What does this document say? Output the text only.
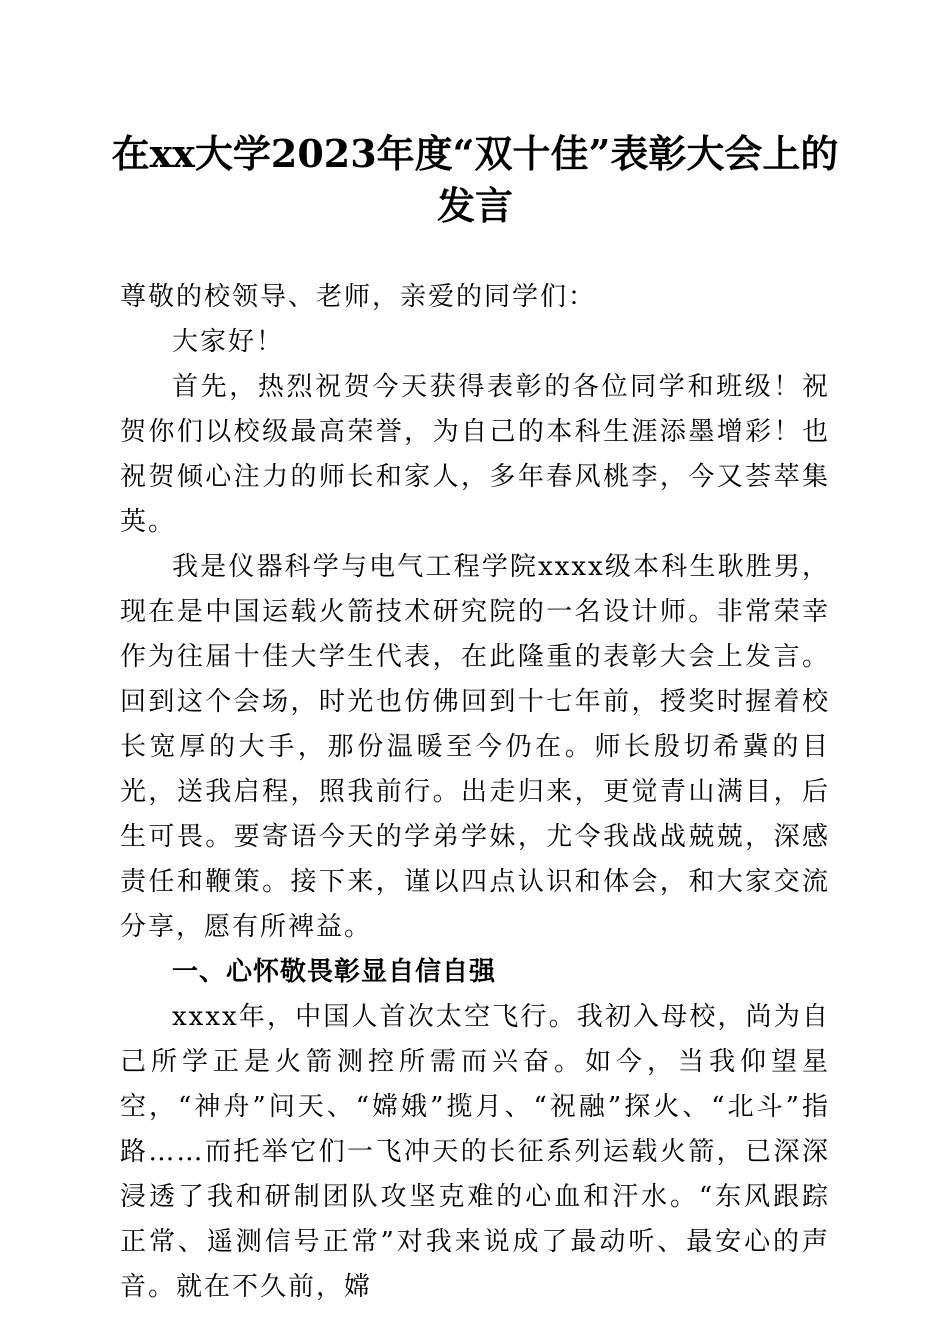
在xx大学2023年度“双十佳”表彰大会上的
发言

尊敬的校领导、老师，亲爱的同学们：

大家好！

首先，热烈祝贺今天获得表彰的各位同学和班级！祝贺你们以校级最高荣誉，为自己的本科生涯添墨增彩！也祝贺倾心注力的师长和家人，多年春风桃李，今又荟萃集英。

我是仪器科学与电气工程学院xxxx级本科生耿胜男，现在是中国运载火箭技术研究院的一名设计师。非常荣幸作为往届十佳大学生代表，在此隆重的表彰大会上发言。回到这个会场，时光也仿佛回到十七年前，授奖时握着校长宽厚的大手，那份温暖至今仍在。师长殷切希冀的目光，送我启程，照我前行。出走归来，更觉青山满目，后生可畏。要寄语今天的学弟学妹，尤令我战战兢兢，深感责任和鞭策。接下来，谨以四点认识和体会，和大家交流分享，愿有所裨益。

一、心怀敬畏彰显自信自强

xxxx年，中国人首次太空飞行。我初入母校，尚为自己所学正是火箭测控所需而兴奋。如今，当我仰望星空，“神舟”问天、“嫦娥”揽月、“祝融”探火、“北斗”指路……而托举它们一飞冲天的长征系列运载火箭，已深深浸透了我和研制团队攻坚克难的心血和汗水。“东风跟踪正常、遥测信号正常”对我来说成了最动听、最安心的声音。就在不久前，嫦
